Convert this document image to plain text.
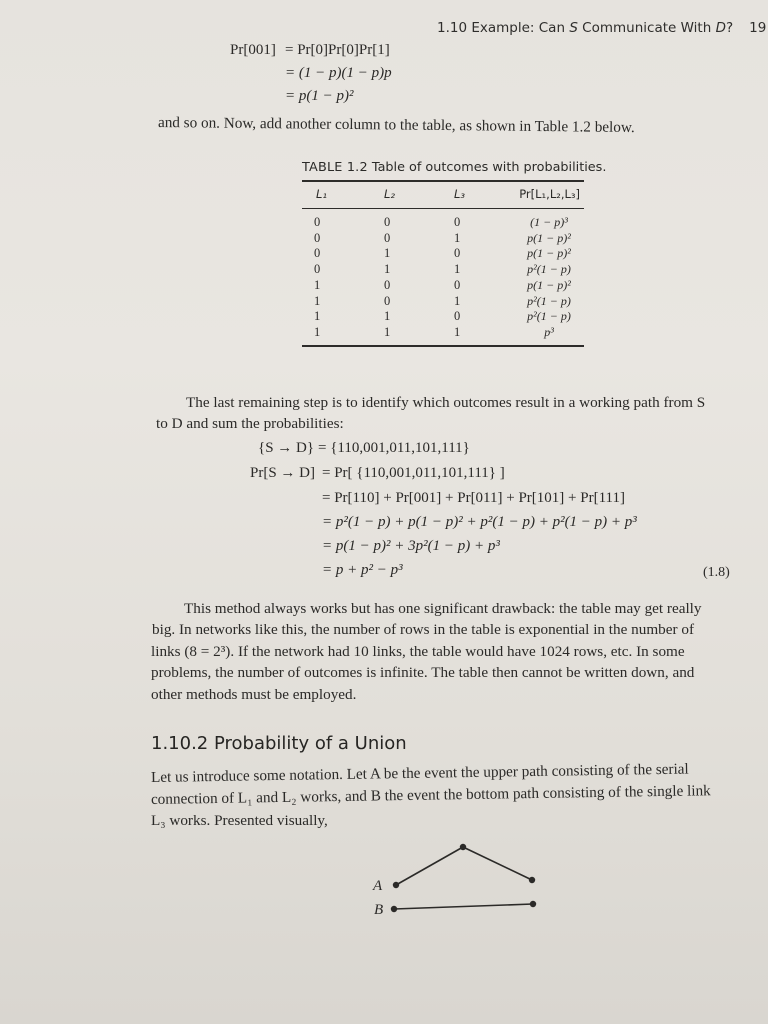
1.10 Example: Can S Communicate With D? 19
Pr[001] = Pr[0]Pr[0]Pr[1]
= (1 − p)(1 − p)p
= p(1 − p)²
and so on. Now, add another column to the table, as shown in Table 1.2 below.
TABLE 1.2 Table of outcomes with probabilities.
L₁	L₂	L₃	Pr[L₁,L₂,L₃]
0	0	0	(1 − p)³
0	0	1	p(1 − p)²
0	1	0	p(1 − p)²
0	1	1	p²(1 − p)
1	0	0	p(1 − p)²
1	0	1	p²(1 − p)
1	1	0	p²(1 − p)
1	1	1	p³
The last remaining step is to identify which outcomes result in a working path from S
to D and sum the probabilities:
{S → D} = {110,001,011,101,111}
Pr[S → D] = Pr[ {110,001,011,101,111} ]
= Pr[110] + Pr[001] + Pr[011] + Pr[101] + Pr[111]
= p²(1 − p) + p(1 − p)² + p²(1 − p) + p²(1 − p) + p³
= p(1 − p)² + 3p²(1 − p) + p³
= p + p² − p³	(1.8)
This method always works but has one significant drawback: the table may get really
big. In networks like this, the number of rows in the table is exponential in the number of
links (8 = 2³). If the network had 10 links, the table would have 1024 rows, etc. In some
problems, the number of outcomes is infinite. The table then cannot be written down, and
other methods must be employed.
1.10.2 Probability of a Union
Let us introduce some notation. Let A be the event the upper path consisting of the serial
connection of L₁ and L₂ works, and B the event the bottom path consisting of the single link
L₃ works. Presented visually,
A
B
